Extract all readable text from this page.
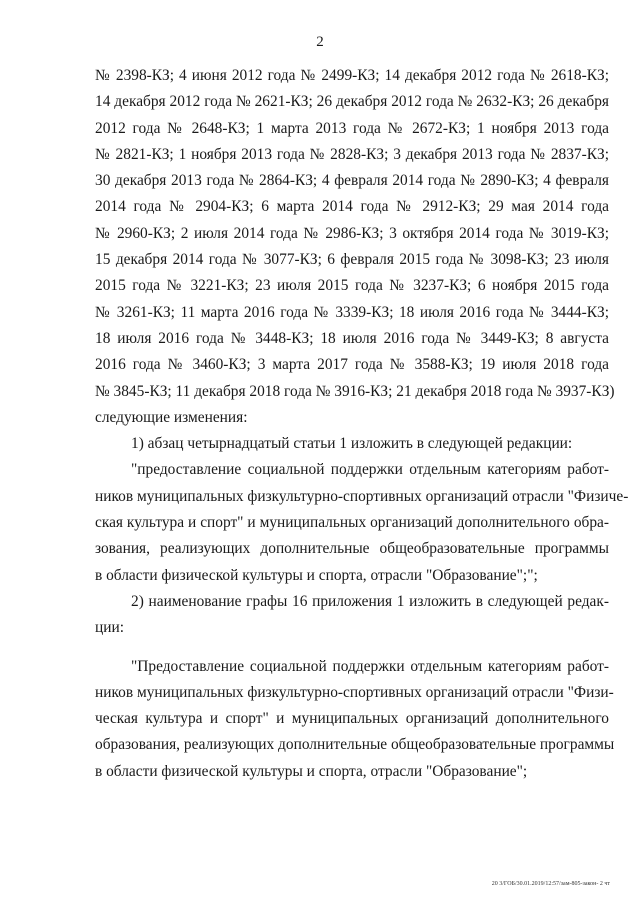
2
№ 2398-КЗ; 4 июня 2012 года № 2499-КЗ; 14 декабря 2012 года № 2618-КЗ;
14 декабря 2012 года № 2621-КЗ; 26 декабря 2012 года № 2632-КЗ; 26 декабря
2012 года № 2648-КЗ; 1 марта 2013 года № 2672-КЗ; 1 ноября 2013 года
№ 2821-КЗ; 1 ноября 2013 года № 2828-КЗ; 3 декабря 2013 года № 2837-КЗ;
30 декабря 2013 года № 2864-КЗ; 4 февраля 2014 года № 2890-КЗ; 4 февраля
2014 года № 2904-КЗ; 6 марта 2014 года № 2912-КЗ; 29 мая 2014 года
№ 2960-КЗ; 2 июля 2014 года № 2986-КЗ; 3 октября 2014 года № 3019-КЗ;
15 декабря 2014 года № 3077-КЗ; 6 февраля 2015 года № 3098-КЗ; 23 июля
2015 года № 3221-КЗ; 23 июля 2015 года № 3237-КЗ; 6 ноября 2015 года
№ 3261-КЗ; 11 марта 2016 года № 3339-КЗ; 18 июля 2016 года № 3444-КЗ;
18 июля 2016 года № 3448-КЗ; 18 июля 2016 года № 3449-КЗ; 8 августа
2016 года № 3460-КЗ; 3 марта 2017 года № 3588-КЗ; 19 июля 2018 года
№ 3845-КЗ; 11 декабря 2018 года № 3916-КЗ; 21 декабря 2018 года № 3937-КЗ)
следующие изменения:
1) абзац четырнадцатый статьи 1 изложить в следующей редакции:
"предоставление социальной поддержки отдельным категориям работ-
ников муниципальных физкультурно-спортивных организаций отрасли "Физиче-
ская культура и спорт" и муниципальных организаций дополнительного обра-
зования, реализующих дополнительные общеобразовательные программы
в области физической культуры и спорта, отрасли "Образование";";
2) наименование графы 16 приложения 1 изложить в следующей редак-
ции:
"Предоставление социальной поддержки отдельным категориям работ-
ников муниципальных физкультурно-спортивных организаций отрасли "Физи-
ческая культура и спорт" и муниципальных организаций дополнительного
образования, реализующих дополнительные общеобразовательные программы
в области физической культуры и спорта, отрасли "Образование";
20 3/ГОБ/30.01.2019/12:57/зам-805-закон- 2 чт
